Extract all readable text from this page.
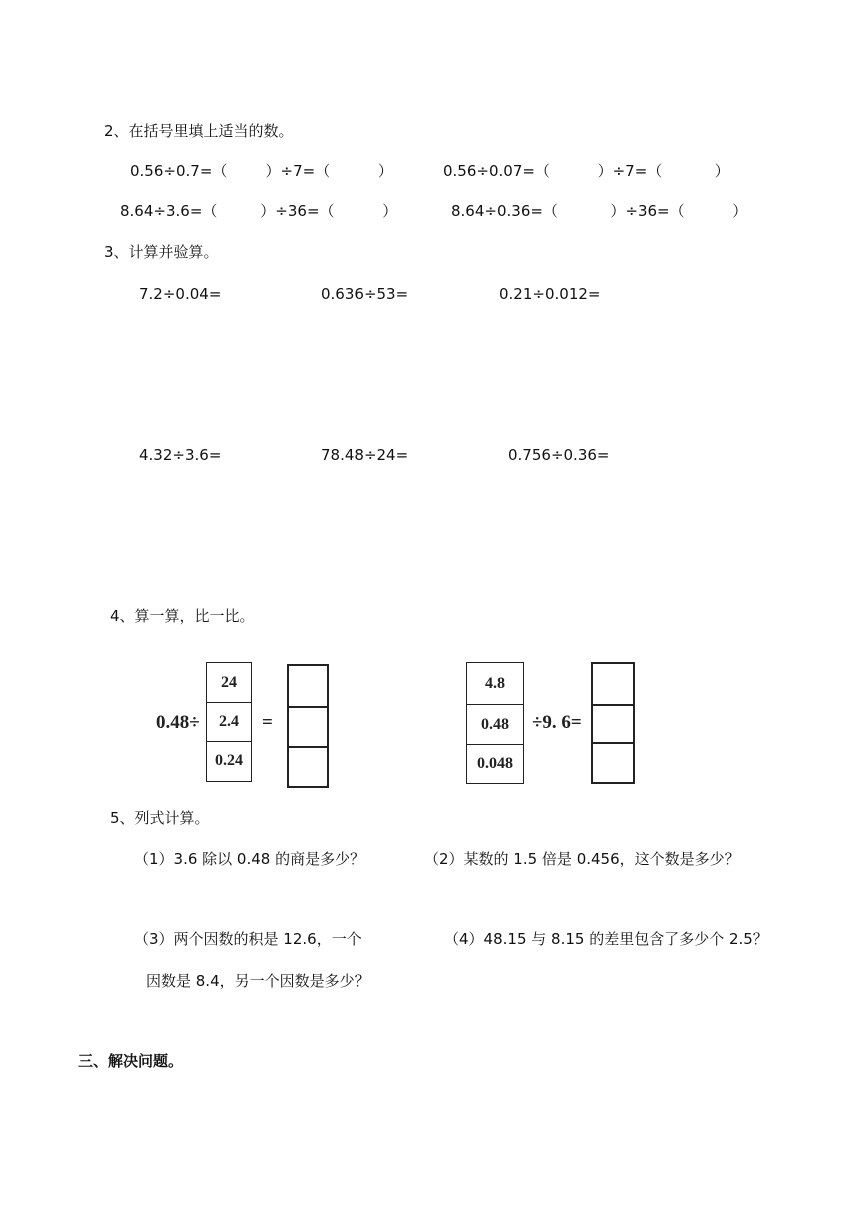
2、在括号里填上适当的数。
0.56÷0.7=（        ）÷7=（          ）	0.56÷0.07=（          ）÷7=（           ）
8.64÷3.6=（         ）÷36=（          ）	8.64÷0.36=（           ）÷36=（          ）
3、计算并验算。
7.2÷0.04=	0.636÷53=	0.21÷0.012=
4.32÷3.6=	78.48÷24=	0.756÷0.36=
4、算一算，比一比。
0.48÷
24
2.4
0.24
=
4.8
0.48
0.048
÷9. 6=
5、列式计算。
（1）3.6 除以 0.48 的商是多少？	（2）某数的 1.5 倍是 0.456，这个数是多少？
（3）两个因数的积是 12.6，一个
因数是 8.4，另一个因数是多少？
（4）48.15 与 8.15 的差里包含了多少个 2.5？
三、解决问题。
